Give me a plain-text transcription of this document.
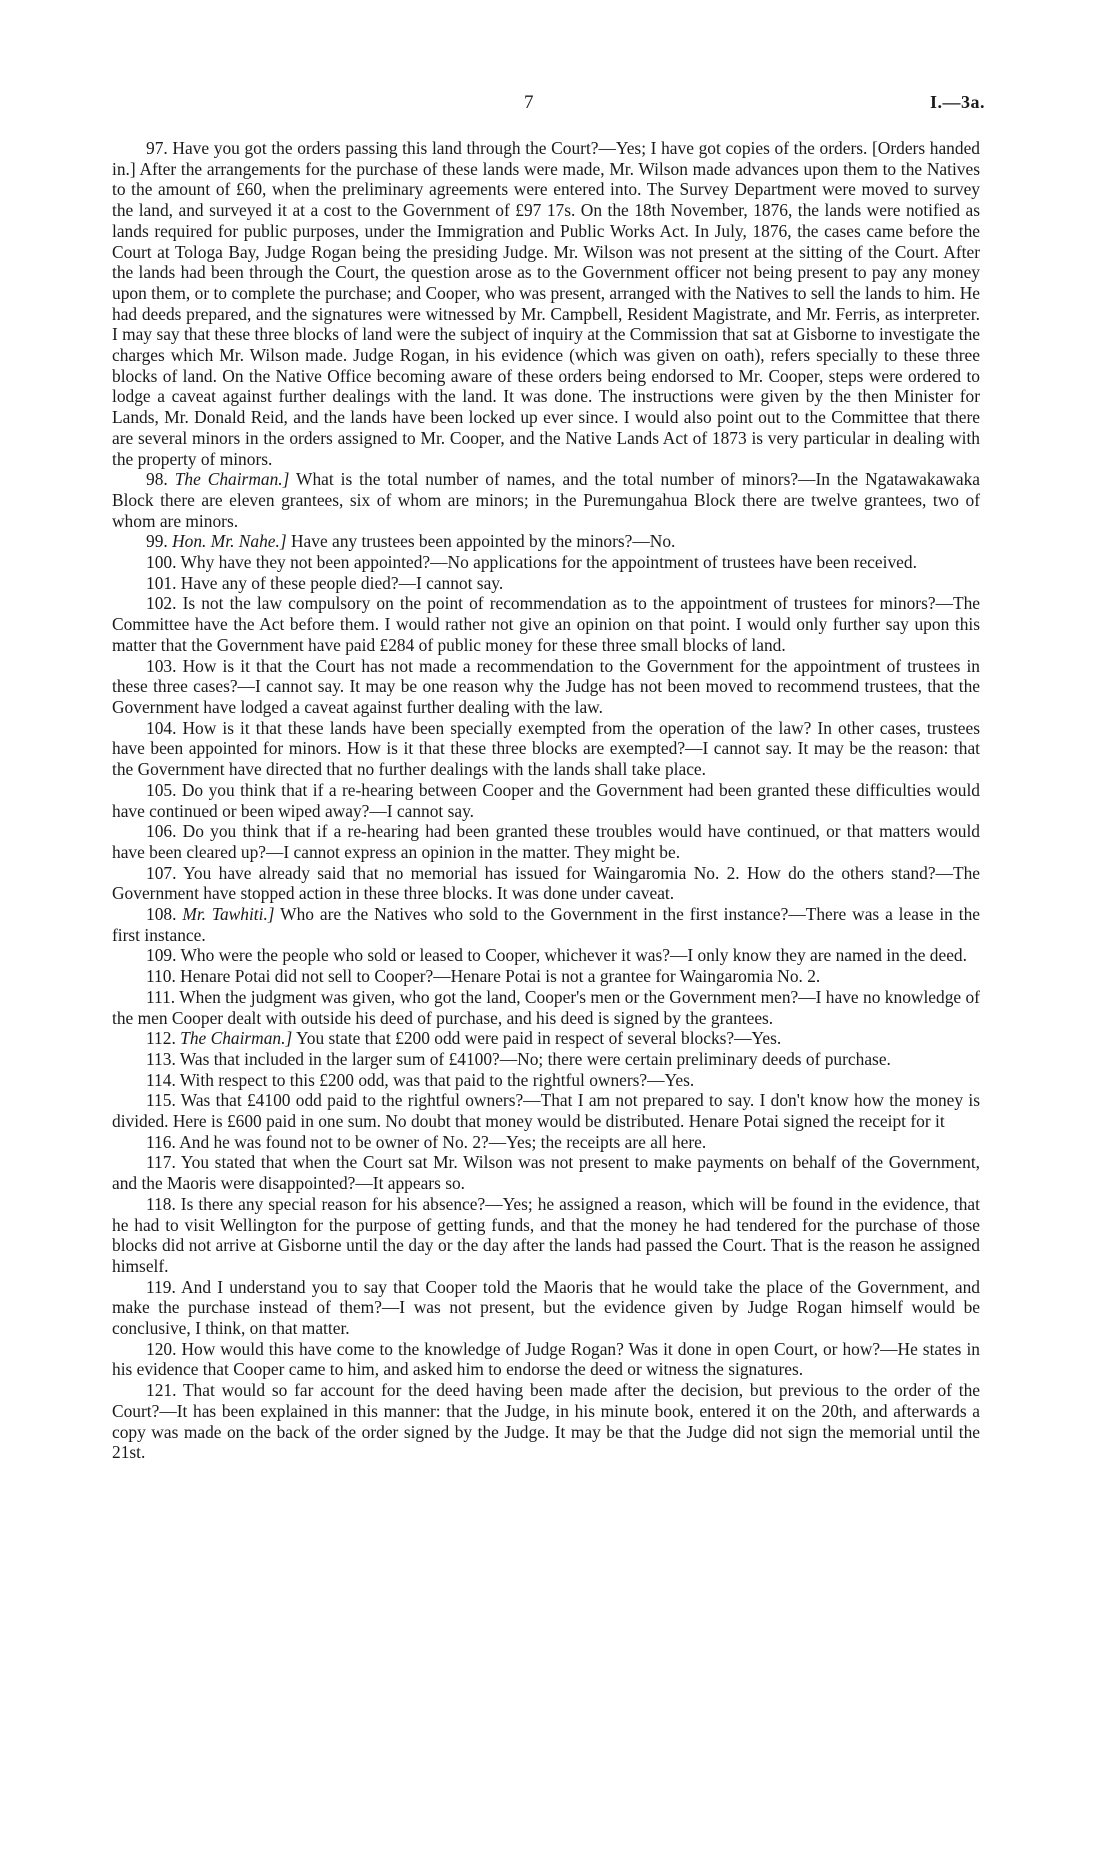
7	I.—3a.

97. Have you got the orders passing this land through the Court?—Yes; I have got copies of the orders. [Orders handed in.] After the arrangements for the purchase of these lands were made, Mr. Wilson made advances upon them to the Natives to the amount of £60, when the preliminary agreements were entered into. The Survey Department were moved to survey the land, and surveyed it at a cost to the Government of £97 17s. On the 18th November, 1876, the lands were notified as lands required for public purposes, under the Immigration and Public Works Act. In July, 1876, the cases came before the Court at Tologa Bay, Judge Rogan being the presiding Judge. Mr. Wilson was not present at the sitting of the Court. After the lands had been through the Court, the question arose as to the Government officer not being present to pay any money upon them, or to complete the purchase; and Cooper, who was present, arranged with the Natives to sell the lands to him. He had deeds prepared, and the signatures were witnessed by Mr. Campbell, Resident Magistrate, and Mr. Ferris, as interpreter. I may say that these three blocks of land were the subject of inquiry at the Commission that sat at Gisborne to investigate the charges which Mr. Wilson made. Judge Rogan, in his evidence (which was given on oath), refers specially to these three blocks of land. On the Native Office becoming aware of these orders being endorsed to Mr. Cooper, steps were ordered to lodge a caveat against further dealings with the land. It was done. The instructions were given by the then Minister for Lands, Mr. Donald Reid, and the lands have been locked up ever since. I would also point out to the Committee that there are several minors in the orders assigned to Mr. Cooper, and the Native Lands Act of 1873 is very particular in dealing with the property of minors.

98. The Chairman.] What is the total number of names, and the total number of minors?—In the Ngatawakawaka Block there are eleven grantees, six of whom are minors; in the Puremungahua Block there are twelve grantees, two of whom are minors.

99. Hon. Mr. Nahe.] Have any trustees been appointed by the minors?—No.

100. Why have they not been appointed?—No applications for the appointment of trustees have been received.

101. Have any of these people died?—I cannot say.

102. Is not the law compulsory on the point of recommendation as to the appointment of trustees for minors?—The Committee have the Act before them. I would rather not give an opinion on that point. I would only further say upon this matter that the Government have paid £284 of public money for these three small blocks of land.

103. How is it that the Court has not made a recommendation to the Government for the appointment of trustees in these three cases?—I cannot say. It may be one reason why the Judge has not been moved to recommend trustees, that the Government have lodged a caveat against further dealing with the law.

104. How is it that these lands have been specially exempted from the operation of the law? In other cases, trustees have been appointed for minors. How is it that these three blocks are exempted?—I cannot say. It may be the reason: that the Government have directed that no further dealings with the lands shall take place.

105. Do you think that if a re-hearing between Cooper and the Government had been granted these difficulties would have continued or been wiped away?—I cannot say.

106. Do you think that if a re-hearing had been granted these troubles would have continued, or that matters would have been cleared up?—I cannot express an opinion in the matter. They might be.

107. You have already said that no memorial has issued for Waingaromia No. 2. How do the others stand?—The Government have stopped action in these three blocks. It was done under caveat.

108. Mr. Tawhiti.] Who are the Natives who sold to the Government in the first instance?—There was a lease in the first instance.

109. Who were the people who sold or leased to Cooper, whichever it was?—I only know they are named in the deed.

110. Henare Potai did not sell to Cooper?—Henare Potai is not a grantee for Waingaromia No. 2.

111. When the judgment was given, who got the land, Cooper's men or the Government men?—I have no knowledge of the men Cooper dealt with outside his deed of purchase, and his deed is signed by the grantees.

112. The Chairman.] You state that £200 odd were paid in respect of several blocks?—Yes.

113. Was that included in the larger sum of £4100?—No; there were certain preliminary deeds of purchase.

114. With respect to this £200 odd, was that paid to the rightful owners?—Yes.

115. Was that £4100 odd paid to the rightful owners?—That I am not prepared to say. I don't know how the money is divided. Here is £600 paid in one sum. No doubt that money would be distributed. Henare Potai signed the receipt for it

116. And he was found not to be owner of No. 2?—Yes; the receipts are all here.

117. You stated that when the Court sat Mr. Wilson was not present to make payments on behalf of the Government, and the Maoris were disappointed?—It appears so.

118. Is there any special reason for his absence?—Yes; he assigned a reason, which will be found in the evidence, that he had to visit Wellington for the purpose of getting funds, and that the money he had tendered for the purchase of those blocks did not arrive at Gisborne until the day or the day after the lands had passed the Court. That is the reason he assigned himself.

119. And I understand you to say that Cooper told the Maoris that he would take the place of the Government, and make the purchase instead of them?—I was not present, but the evidence given by Judge Rogan himself would be conclusive, I think, on that matter.

120. How would this have come to the knowledge of Judge Rogan? Was it done in open Court, or how?—He states in his evidence that Cooper came to him, and asked him to endorse the deed or witness the signatures.

121. That would so far account for the deed having been made after the decision, but previous to the order of the Court?—It has been explained in this manner: that the Judge, in his minute book, entered it on the 20th, and afterwards a copy was made on the back of the order signed by the Judge. It may be that the Judge did not sign the memorial until the 21st.
